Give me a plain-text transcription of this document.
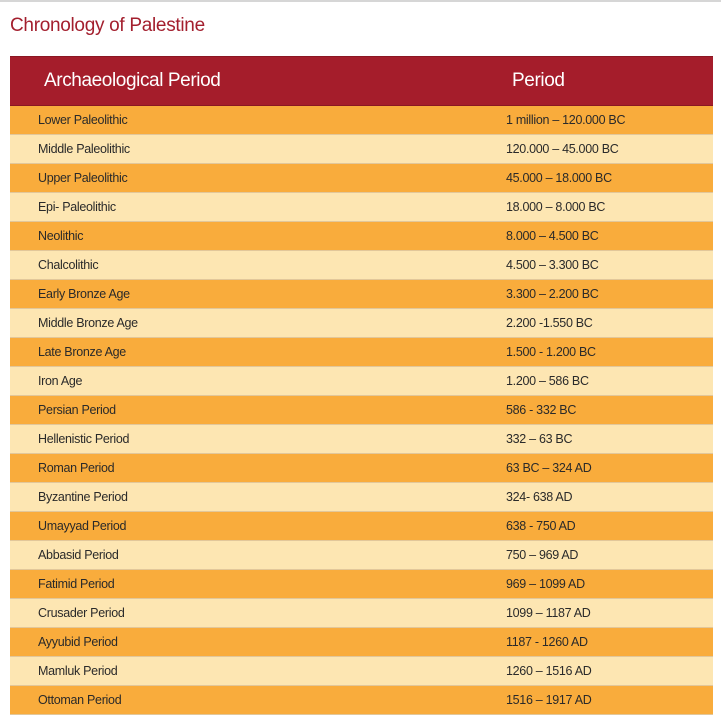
Chronology of Palestine
Archaeological Period	Period
Lower Paleolithic	1 million – 120.000 BC
Middle Paleolithic	120.000 – 45.000 BC
Upper Paleolithic	45.000 – 18.000 BC
Epi- Paleolithic	18.000 – 8.000 BC
Neolithic	8.000 – 4.500 BC
Chalcolithic	4.500 – 3.300 BC
Early Bronze Age	3.300 – 2.200 BC
Middle Bronze Age	2.200 -1.550 BC
Late Bronze Age	1.500 - 1.200 BC
Iron Age	1.200 – 586 BC
Persian Period	586 - 332 BC
Hellenistic Period	332 – 63 BC
Roman Period	63 BC – 324 AD
Byzantine Period	324- 638 AD
Umayyad Period	638 - 750 AD
Abbasid Period	750 – 969 AD
Fatimid Period	969 – 1099 AD
Crusader Period	1099 – 1187 AD
Ayyubid Period	1187 - 1260 AD
Mamluk Period	1260 – 1516 AD
Ottoman Period	1516 – 1917 AD
